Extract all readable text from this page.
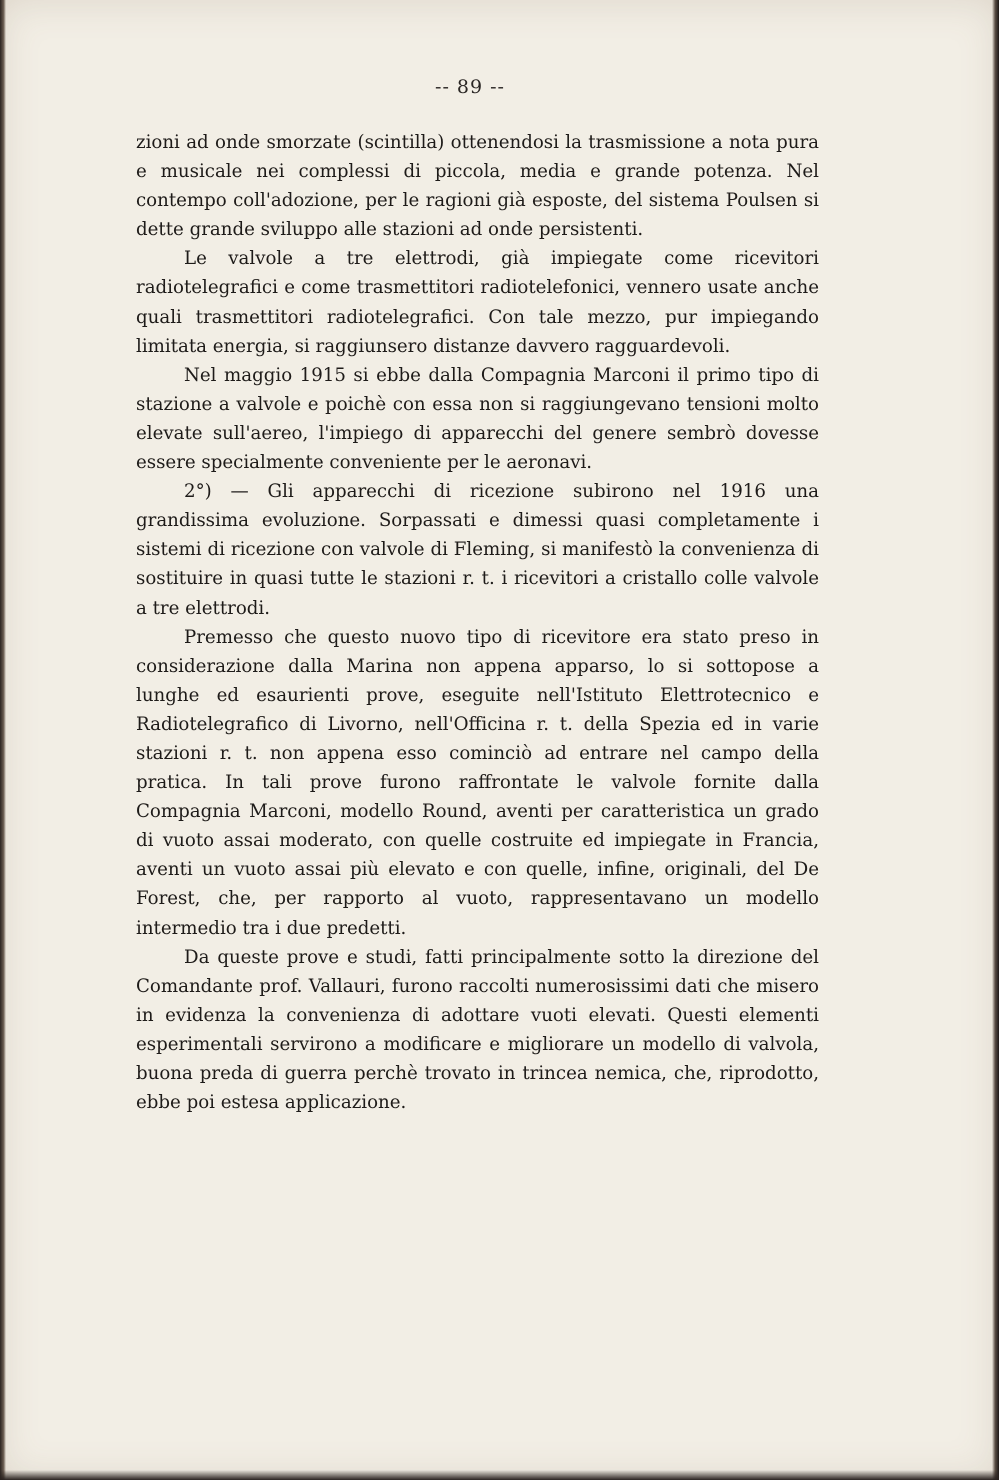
-- 89 --

zioni ad onde smorzate (scintilla) ottenendosi la trasmissione a nota pura e musicale nei complessi di piccola, media e grande potenza. Nel contempo coll'adozione, per le ragioni già esposte, del sistema Poulsen si dette grande sviluppo alle stazioni ad onde persistenti.

Le valvole a tre elettrodi, già impiegate come ricevitori radiotelegrafici e come trasmettitori radiotelefonici, vennero usate anche quali trasmettitori radiotelegrafici. Con tale mezzo, pur impiegando limitata energia, si raggiunsero distanze davvero ragguardevoli.

Nel maggio 1915 si ebbe dalla Compagnia Marconi il primo tipo di stazione a valvole e poichè con essa non si raggiungevano tensioni molto elevate sull'aereo, l'impiego di apparecchi del genere sembrò dovesse essere specialmente conveniente per le aeronavi.

2°) — Gli apparecchi di ricezione subirono nel 1916 una grandissima evoluzione. Sorpassati e dimessi quasi completamente i sistemi di ricezione con valvole di Fleming, si manifestò la convenienza di sostituire in quasi tutte le stazioni r. t. i ricevitori a cristallo colle valvole a tre elettrodi.

Premesso che questo nuovo tipo di ricevitore era stato preso in considerazione dalla Marina non appena apparso, lo si sottopose a lunghe ed esaurienti prove, eseguite nell'Istituto Elettrotecnico e Radiotelegrafico di Livorno, nell'Officina r. t. della Spezia ed in varie stazioni r. t. non appena esso cominciò ad entrare nel campo della pratica. In tali prove furono raffrontate le valvole fornite dalla Compagnia Marconi, modello Round, aventi per caratteristica un grado di vuoto assai moderato, con quelle costruite ed impiegate in Francia, aventi un vuoto assai più elevato e con quelle, infine, originali, del De Forest, che, per rapporto al vuoto, rappresentavano un modello intermedio tra i due predetti.

Da queste prove e studi, fatti principalmente sotto la direzione del Comandante prof. Vallauri, furono raccolti numerosissimi dati che misero in evidenza la convenienza di adottare vuoti elevati. Questi elementi esperimentali servirono a modificare e migliorare un modello di valvola, buona preda di guerra perchè trovato in trincea nemica, che, riprodotto, ebbe poi estesa applicazione.
